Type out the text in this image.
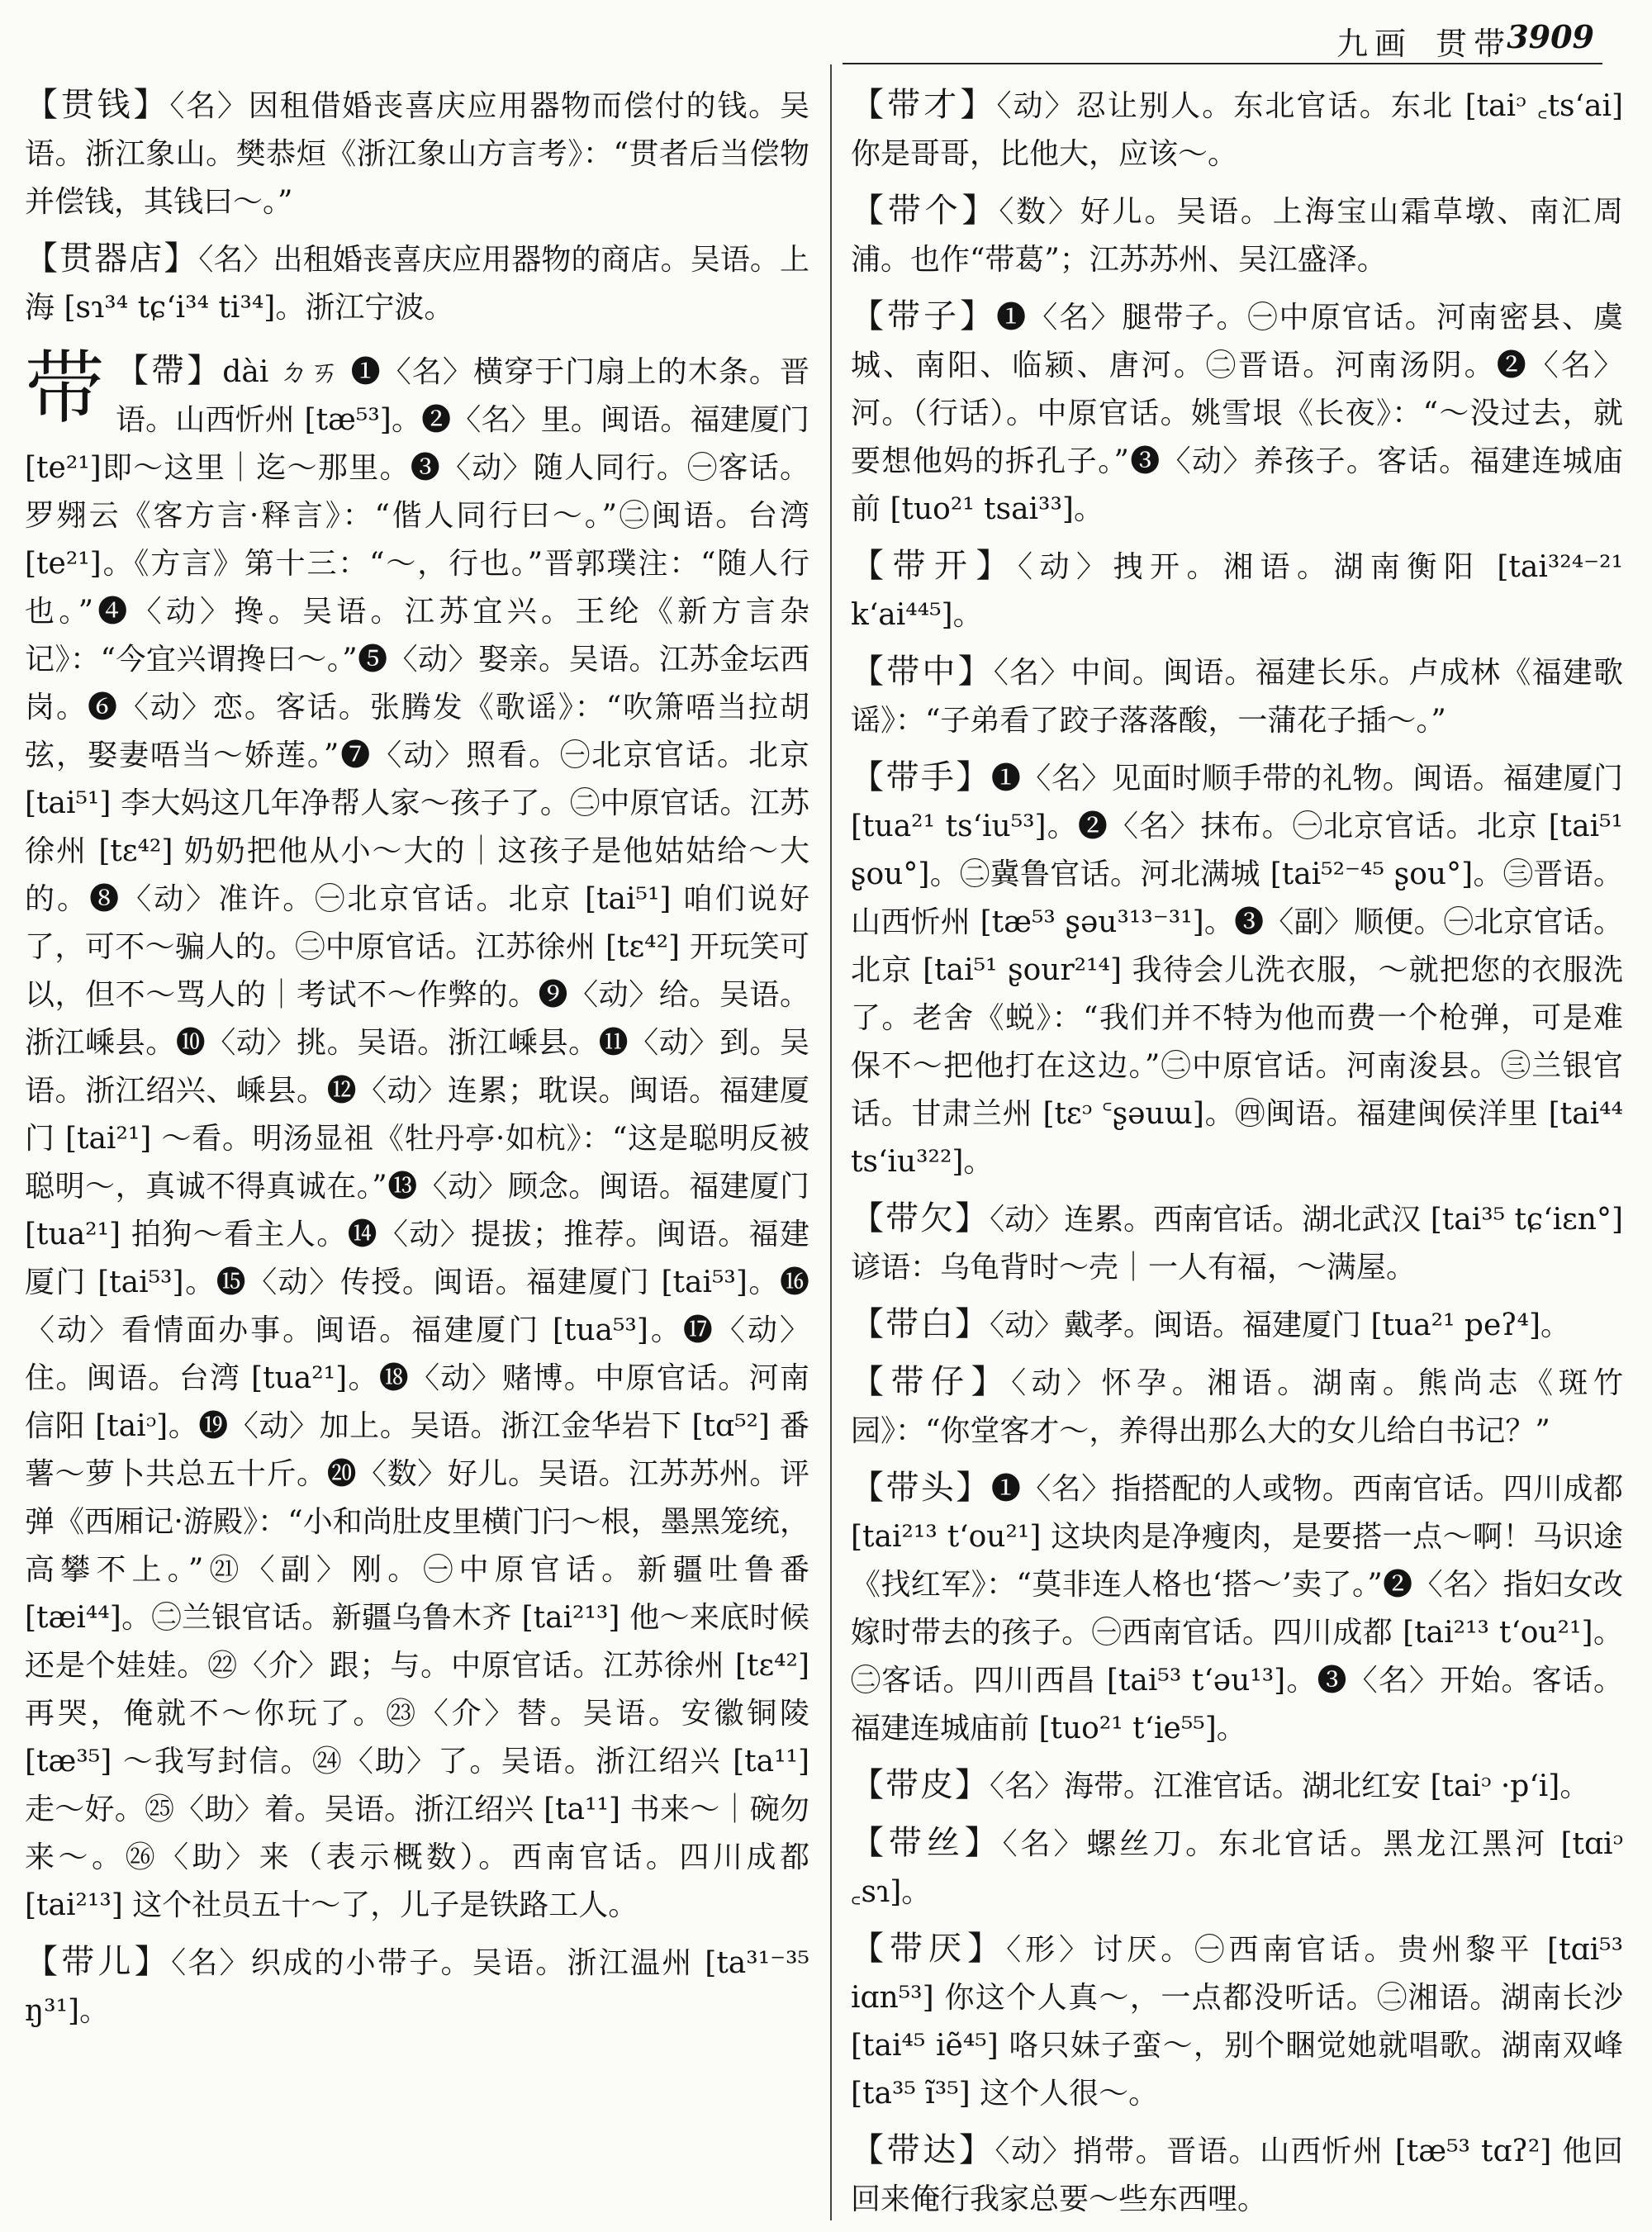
九画 贯带
3909

【贯钱】〈名〉因租借婚丧喜庆应用器物而偿付的钱。吴语。浙江象山。樊恭烜《浙江象山方言考》：“贯者后当偿物并偿钱，其钱曰～。”

【贯器店】〈名〉出租婚丧喜庆应用器物的商店。吴语。上海 [sɿ³⁴ tɕʻi³⁴ ti³⁴]。浙江宁波。

带 【帶】dài ㄉㄞ ❶〈名〉横穿于门扇上的木条。晋语。山西忻州 [tæ⁵³]。❷〈名〉里。闽语。福建厦门 [te²¹]即～这里｜迄～那里。❸〈动〉随人同行。㊀客话。罗翙云《客方言·释言》：“偕人同行曰～。”㊁闽语。台湾 [te²¹]。《方言》第十三：“～，行也。”晋郭璞注：“随人行也。”❹〈动〉搀。吴语。江苏宜兴。王纶《新方言杂记》：“今宜兴谓搀曰～。”❺〈动〉娶亲。吴语。江苏金坛西岗。❻〈动〉恋。客话。张腾发《歌谣》：“吹箫唔当拉胡弦，娶妻唔当～娇莲。”❼〈动〉照看。㊀北京官话。北京 [tai⁵¹] 李大妈这几年净帮人家～孩子了。㊁中原官话。江苏徐州 [tɛ⁴²] 奶奶把他从小～大的｜这孩子是他姑姑给～大的。❽〈动〉准许。㊀北京官话。北京 [tai⁵¹] 咱们说好了，可不～骗人的。㊁中原官话。江苏徐州 [tɛ⁴²] 开玩笑可以，但不～骂人的｜考试不～作弊的。❾〈动〉给。吴语。浙江嵊县。❿〈动〉挑。吴语。浙江嵊县。⓫〈动〉到。吴语。浙江绍兴、嵊县。⓬〈动〉连累；耽误。闽语。福建厦门 [tai²¹] ～看。明汤显祖《牡丹亭·如杭》：“这是聪明反被聪明～，真诚不得真诚在。”⓭〈动〉顾念。闽语。福建厦门 [tua²¹] 拍狗～看主人。⓮〈动〉提拔；推荐。闽语。福建厦门 [tai⁵³]。⓯〈动〉传授。闽语。福建厦门 [tai⁵³]。⓰〈动〉看情面办事。闽语。福建厦门 [tua⁵³]。⓱〈动〉住。闽语。台湾 [tua²¹]。⓲〈动〉赌博。中原官话。河南信阳 [taiᵓ]。⓳〈动〉加上。吴语。浙江金华岩下 [tɑ⁵²] 番薯～萝卜共总五十斤。⓴〈数〉好儿。吴语。江苏苏州。评弹《西厢记·游殿》：“小和尚肚皮里横门闩～根，墨黑笼统，高攀不上。”㉑〈副〉刚。㊀中原官话。新疆吐鲁番 [tæi⁴⁴]。㊁兰银官话。新疆乌鲁木齐 [tai²¹³] 他～来底时候还是个娃娃。㉒〈介〉跟；与。中原官话。江苏徐州 [tɛ⁴²] 再哭，俺就不～你玩了。㉓〈介〉替。吴语。安徽铜陵 [tæ³⁵] ～我写封信。㉔〈助〉了。吴语。浙江绍兴 [ta¹¹] 走～好。㉕〈助〉着。吴语。浙江绍兴 [ta¹¹] 书来～｜碗勿来～。㉖〈助〉来（表示概数）。西南官话。四川成都 [tai²¹³] 这个社员五十～了，儿子是铁路工人。

【带儿】〈名〉织成的小带子。吴语。浙江温州 [ta³¹⁻³⁵ ŋ³¹]。

【带才】〈动〉忍让别人。东北官话。东北 [taiᵓ ꜀tsʻai] 你是哥哥，比他大，应该～。

【带个】〈数〉好儿。吴语。上海宝山霜草墩、南汇周浦。也作“带葛”；江苏苏州、吴江盛泽。

【带子】❶〈名〉腿带子。㊀中原官话。河南密县、虞城、南阳、临颍、唐河。㊁晋语。河南汤阴。❷〈名〉河。（行话）。中原官话。姚雪垠《长夜》：“～没过去，就要想他妈的拆孔子。”❸〈动〉养孩子。客话。福建连城庙前 [tuo²¹ tsai³³]。

【带开】〈动〉拽开。湘语。湖南衡阳 [tai³²⁴⁻²¹ kʻai⁴⁴⁵]。

【带中】〈名〉中间。闽语。福建长乐。卢成林《福建歌谣》：“子弟看了跤子落落酸，一蒲花子插～。”

【带手】❶〈名〉见面时顺手带的礼物。闽语。福建厦门 [tua²¹ tsʻiu⁵³]。❷〈名〉抹布。㊀北京官话。北京 [tai⁵¹ ʂou°]。㊁冀鲁官话。河北满城 [tai⁵²⁻⁴⁵ ʂou°]。㊂晋语。山西忻州 [tæ⁵³ ʂəu³¹³⁻³¹]。❸〈副〉顺便。㊀北京官话。北京 [tai⁵¹ ʂour²¹⁴] 我待会儿洗衣服，～就把您的衣服洗了。老舍《蜕》：“我们并不特为他而费一个枪弹，可是难保不～把他打在这边。”㊁中原官话。河南浚县。㊂兰银官话。甘肃兰州 [tɛᵓ ꜂ʂəuɯ]。㊃闽语。福建闽侯洋里 [tai⁴⁴ tsʻiu³²²]。

【带欠】〈动〉连累。西南官话。湖北武汉 [tai³⁵ tɕʻiɛn°] 谚语：乌龟背时～壳｜一人有福，～满屋。

【带白】〈动〉戴孝。闽语。福建厦门 [tua²¹ peʔ⁴]。

【带仔】〈动〉怀孕。湘语。湖南。熊尚志《斑竹园》：“你堂客才～，养得出那么大的女儿给白书记？”

【带头】❶〈名〉指搭配的人或物。西南官话。四川成都 [tai²¹³ tʻou²¹] 这块肉是净瘦肉，是要搭一点～啊！马识途《找红军》：“莫非连人格也‘搭～’卖了。”❷〈名〉指妇女改嫁时带去的孩子。㊀西南官话。四川成都 [tai²¹³ tʻou²¹]。㊁客话。四川西昌 [tai⁵³ tʻəu¹³]。❸〈名〉开始。客话。福建连城庙前 [tuo²¹ tʻie⁵⁵]。

【带皮】〈名〉海带。江淮官话。湖北红安 [taiᵓ ·pʻi]。

【带丝】〈名〉螺丝刀。东北官话。黑龙江黑河 [tɑiᵓ ꜀sɿ]。

【带厌】〈形〉讨厌。㊀西南官话。贵州黎平 [tɑi⁵³ iɑn⁵³] 你这个人真～，一点都没听话。㊁湘语。湖南长沙 [tai⁴⁵ iẽ⁴⁵] 咯只妹子蛮～，别个睏觉她就唱歌。湖南双峰 [ta³⁵ ĩ³⁵] 这个人很～。

【带达】〈动〉捎带。晋语。山西忻州 [tæ⁵³ tɑʔ²] 他回回来俺行我家总要～些东西哩。
